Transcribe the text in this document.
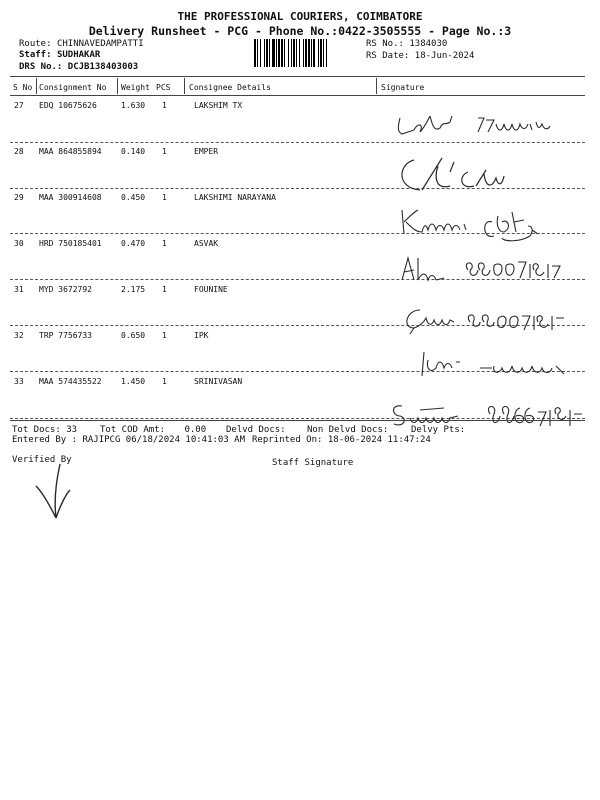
THE PROFESSIONAL COURIERS, COIMBATORE
Delivery Runsheet - PCG - Phone No.:0422-3505555 - Page No.:3
Route: CHINNAVEDAMPATTI
Staff: SUDHAKAR
DRS No.: DCJB138403003
RS No.: 1384030
RS Date: 18-Jun-2024
S No Consignment No Weight PCS Consignee Details	Signature
27 EDQ 10675626	1.630 1	LAKSHIM TX
28 MAA 864855894 0.140 1	EMPER
29 MAA 300914608 0.450 1	LAKSHIMI NARAYANA
30 HRD 750185401 0.470 1	ASVAK
31 MYD 3672792	2.175 1	FOUNINE
32 TRP 7756733	0.650 1	IPK
33 MAA 574435522 1.450 1	SRINIVASAN
Tot Docs: 33	Tot COD Amt: 0.00 Delvd Docs: Non Delvd Docs:	Delvy Pts:
Entered By : RAJIPCG 06/18/2024 10:41:03 AM Reprinted On: 18-06-2024 11:47:24
Verified By	Staff Signature
